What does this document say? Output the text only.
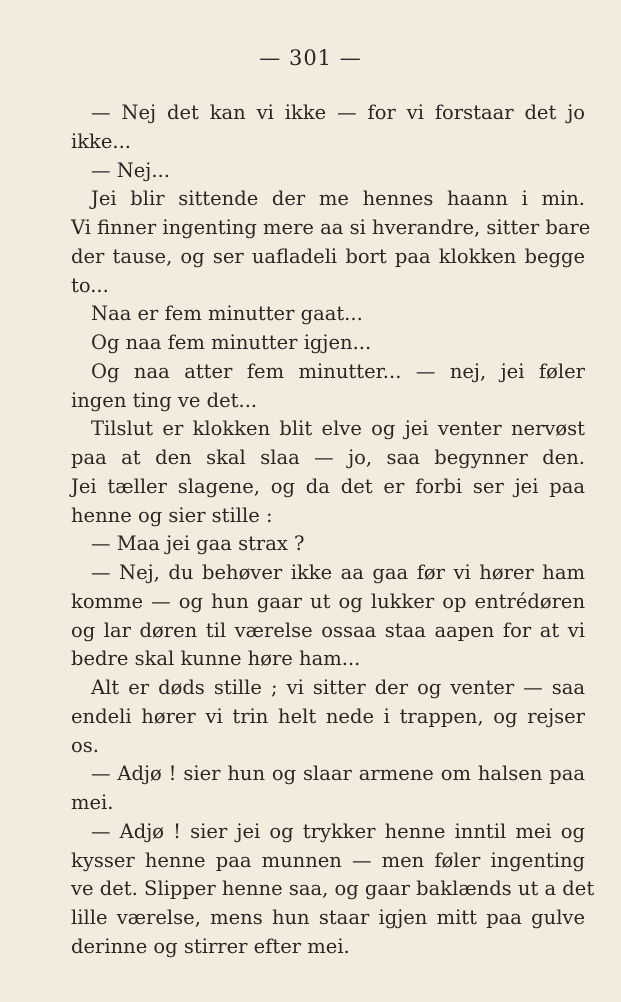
— 301 —
— Nej det kan vi ikke — for vi forstaar det jo
ikke...
— Nej...
Jei blir sittende der me hennes haann i min.
Vi finner ingenting mere aa si hverandre, sitter bare
der tause, og ser uafladeli bort paa klokken begge
to...
Naa er fem minutter gaat...
Og naa fem minutter igjen...
Og naa atter fem minutter... — nej, jei føler
ingen ting ve det...
Tilslut er klokken blit elve og jei venter nervøst
paa at den skal slaa — jo, saa begynner den.
Jei tæller slagene, og da det er forbi ser jei paa
henne og sier stille :
— Maa jei gaa strax ?
— Nej, du behøver ikke aa gaa før vi hører ham
komme — og hun gaar ut og lukker op entrédøren
og lar døren til værelse ossaa staa aapen for at vi
bedre skal kunne høre ham...
Alt er døds stille ; vi sitter der og venter — saa
endeli hører vi trin helt nede i trappen, og rejser
os.
— Adjø ! sier hun og slaar armene om halsen paa
mei.
— Adjø ! sier jei og trykker henne inntil mei og
kysser henne paa munnen — men føler ingenting
ve det. Slipper henne saa, og gaar baklænds ut a det
lille værelse, mens hun staar igjen mitt paa gulve
derinne og stirrer efter mei.
